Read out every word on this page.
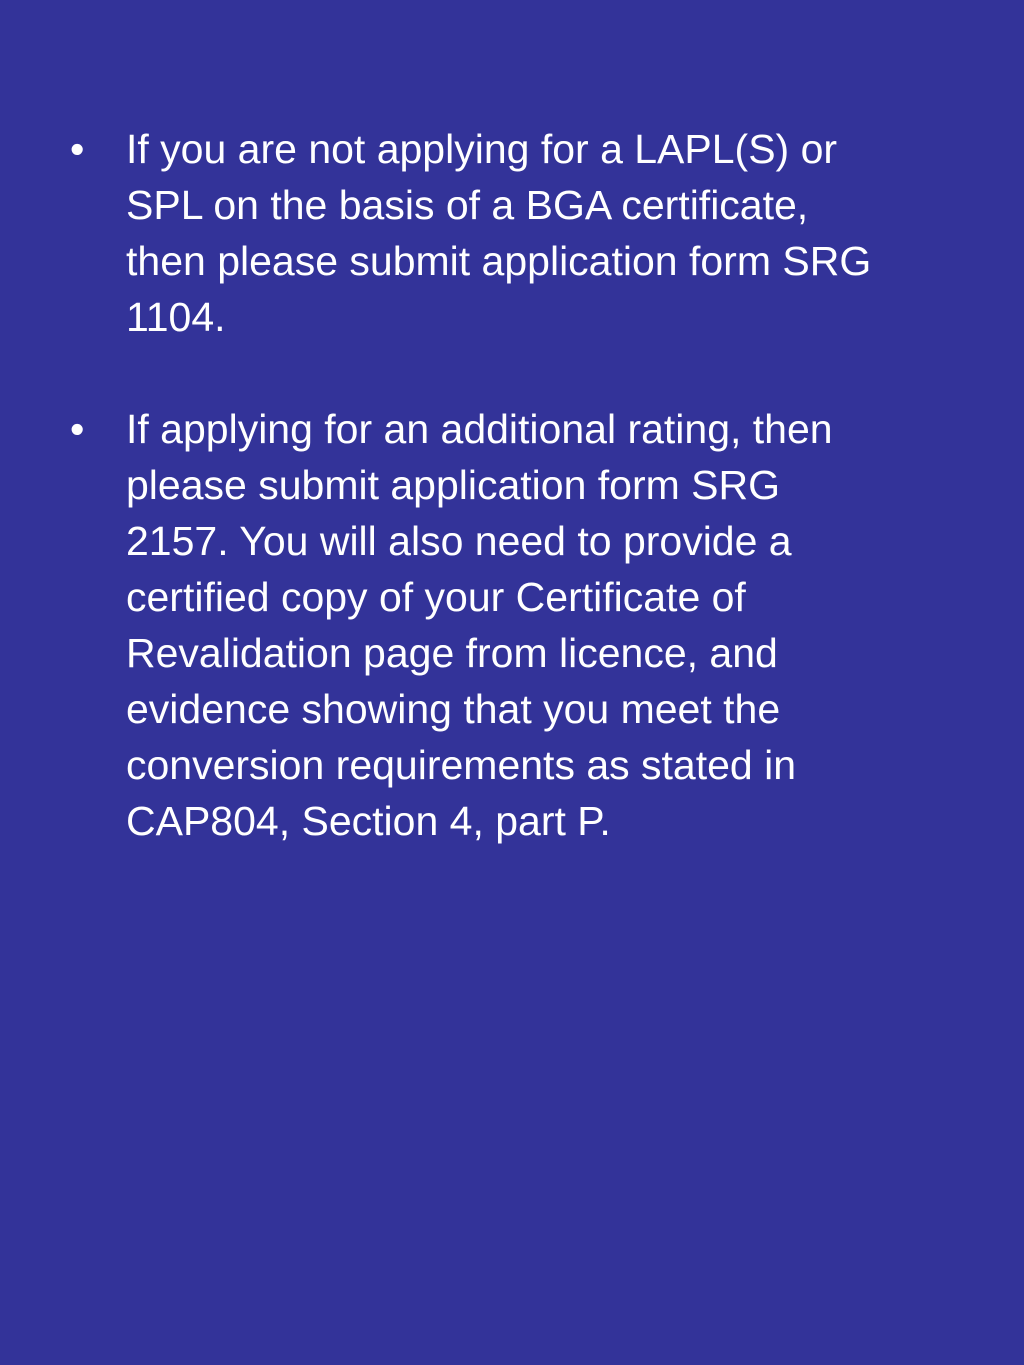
•	If you are not applying for a LAPL(S) or
SPL on the basis of a BGA certificate,
then please submit application form SRG
1104.
•	If applying for an additional rating, then
please submit application form SRG
2157. You will also need to provide a
certified copy of your Certificate of
Revalidation page from licence, and
evidence showing that you meet the
conversion requirements as stated in
CAP804, Section 4, part P.
